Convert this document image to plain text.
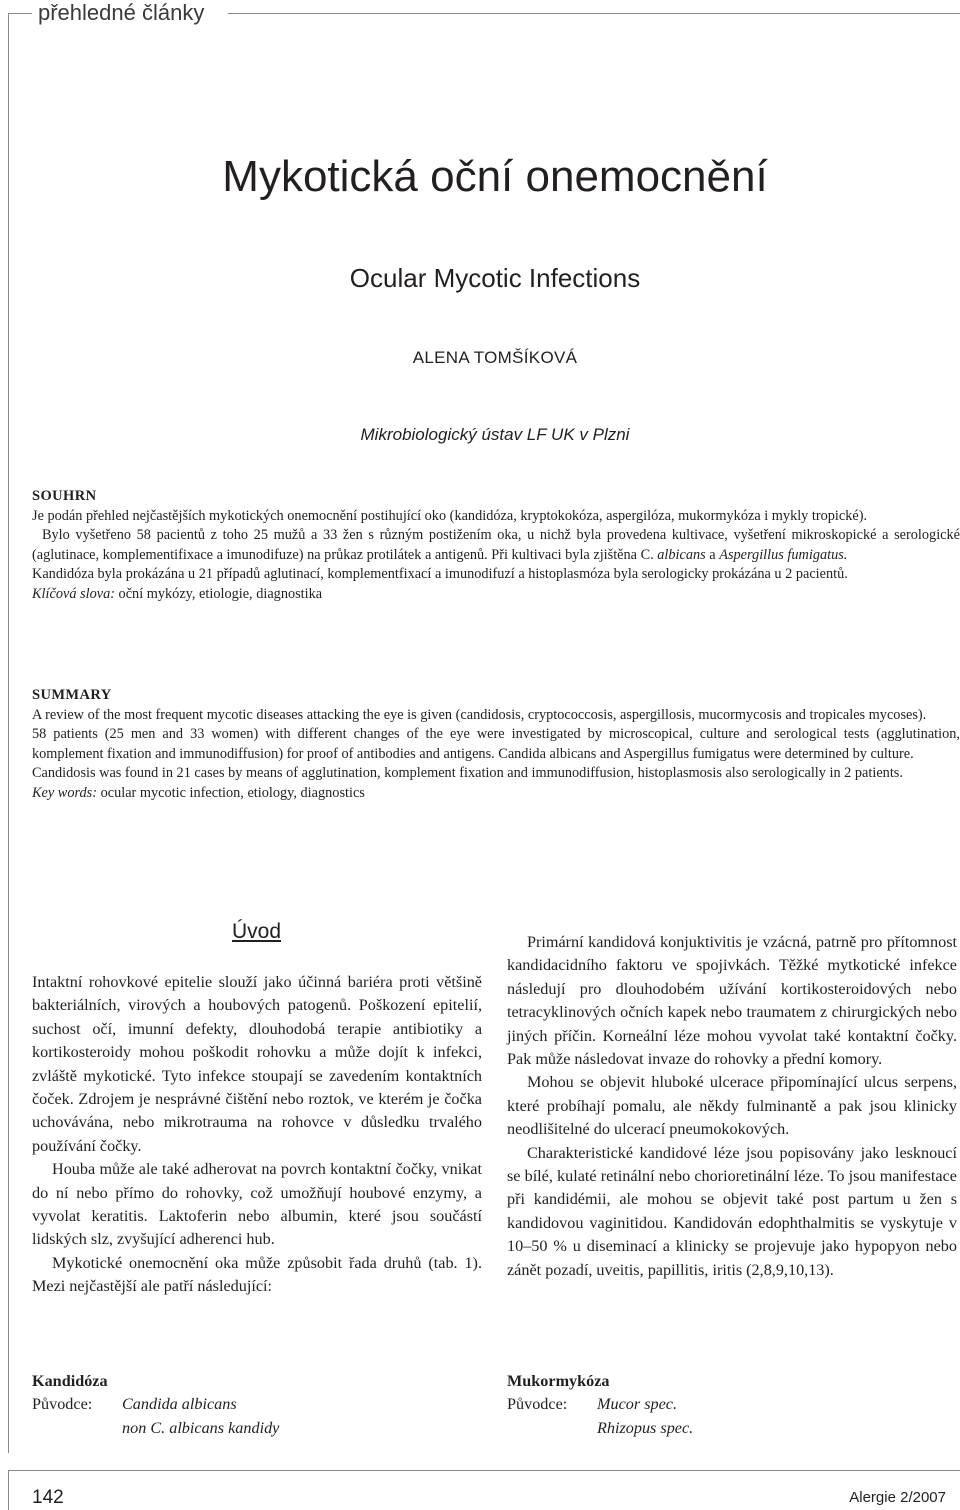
přehledné články
Mykotická oční onemocnění
Ocular Mycotic Infections
ALENA TOMŠÍKOVÁ
Mikrobiologický ústav LF UK v Plzni
SOUHRN

Je podán přehled nejčastějších mykotických onemocnění postihující oko (kandidóza, kryptokokóza, aspergilóza, mukormykóza i mykly tropické).

Bylo vyšetřeno 58 pacientů z toho 25 mužů a 33 žen s různým postižením oka, u nichž byla provedena kultivace, vyšetření mikroskopické a serologické (aglutinace, komplementifixace a imunodifuze) na průkaz protilátek a antigenů. Při kultivaci byla zjištěna C. albicans a Aspergillus fumigatus.

Kandidóza byla prokázána u 21 případů aglutinací, komplementfixací a imunodifuzí a histoplasmóza byla serologicky prokázána u 2 pacientů.

Klíčová slova: oční mykózy, etiologie, diagnostika

SUMMARY

A review of the most frequent mycotic diseases attacking the eye is given (candidosis, cryptococcosis, aspergillosis, mucormycosis and tropicales mycoses).

58 patients (25 men and 33 women) with different changes of the eye were investigated by microscopical, culture and serological tests (agglutination, komplement fixation and immunodiffusion) for proof of antibodies and antigens. Candida albicans and Aspergillus fumigatus were determined by culture.

Candidosis was found in 21 cases by means of agglutination, komplement fixation and immunodiffusion, histoplasmosis also serologically in 2 patients.

Key words: ocular mycotic infection, etiology, diagnostics

Úvod

Intaktní rohovkové epitelie slouží jako účinná bariéra proti většině bakteriálních, virových a houbových patogenů. Poškození epitelií, suchost očí, imunní defekty, dlouhodobá terapie antibiotiky a kortikosteroidy mohou poškodit rohovku a může dojít k infekci, zvláště mykotické. Tyto infekce stoupají se zavedením kontaktních čoček. Zdrojem je nesprávné čištění nebo roztok, ve kterém je čočka uchovávána, nebo mikrotrauma na rohovce v důsledku trvalého používání čočky.

Houba může ale také adherovat na povrch kontaktní čočky, vnikat do ní nebo přímo do rohovky, což umožňují houbové enzymy, a vyvolat keratitis. Laktoferin nebo albumin, které jsou součástí lidských slz, zvyšující adherenci hub.

Mykotické onemocnění oka může způsobit řada druhů (tab. 1). Mezi nejčastější ale patří následující:

Primární kandidová konjuktivitis je vzácná, patrně pro přítomnost kandidacidního faktoru ve spojivkách. Těžké mytkotické infekce následují pro dlouhodobém užívání kortikosteroidových nebo tetracyklinových očních kapek nebo traumatem z chirurgických nebo jiných příčin. Korneální léze mohou vyvolat také kontaktní čočky. Pak může následovat invaze do rohovky a přední komory.

Mohou se objevit hluboké ulcerace připomínající ulcus serpens, které probíhají pomalu, ale někdy fulminantě a pak jsou klinicky neodlišitelné do ulcerací pneumokokových.

Charakteristické kandidové léze jsou popisovány jako lesknoucí se bílé, kulaté retinální nebo chorioretinální léze. To jsou manifestace při kandidémii, ale mohou se objevit také post partum u žen s kandidovou vaginitidou. Kandidován edophthalmitis se vyskytuje v 10–50 % u diseminací a klinicky se projevuje jako hypopyon nebo zánět pozadí, uveitis, papillitis, iritis (2,8,9,10,13).

Kandidóza
Původce: Candida albicans
non C. albicans kandidy
Mukormykóza
Původce: Mucor spec.
Rhizopus spec.
142	Alergie 2/2007
